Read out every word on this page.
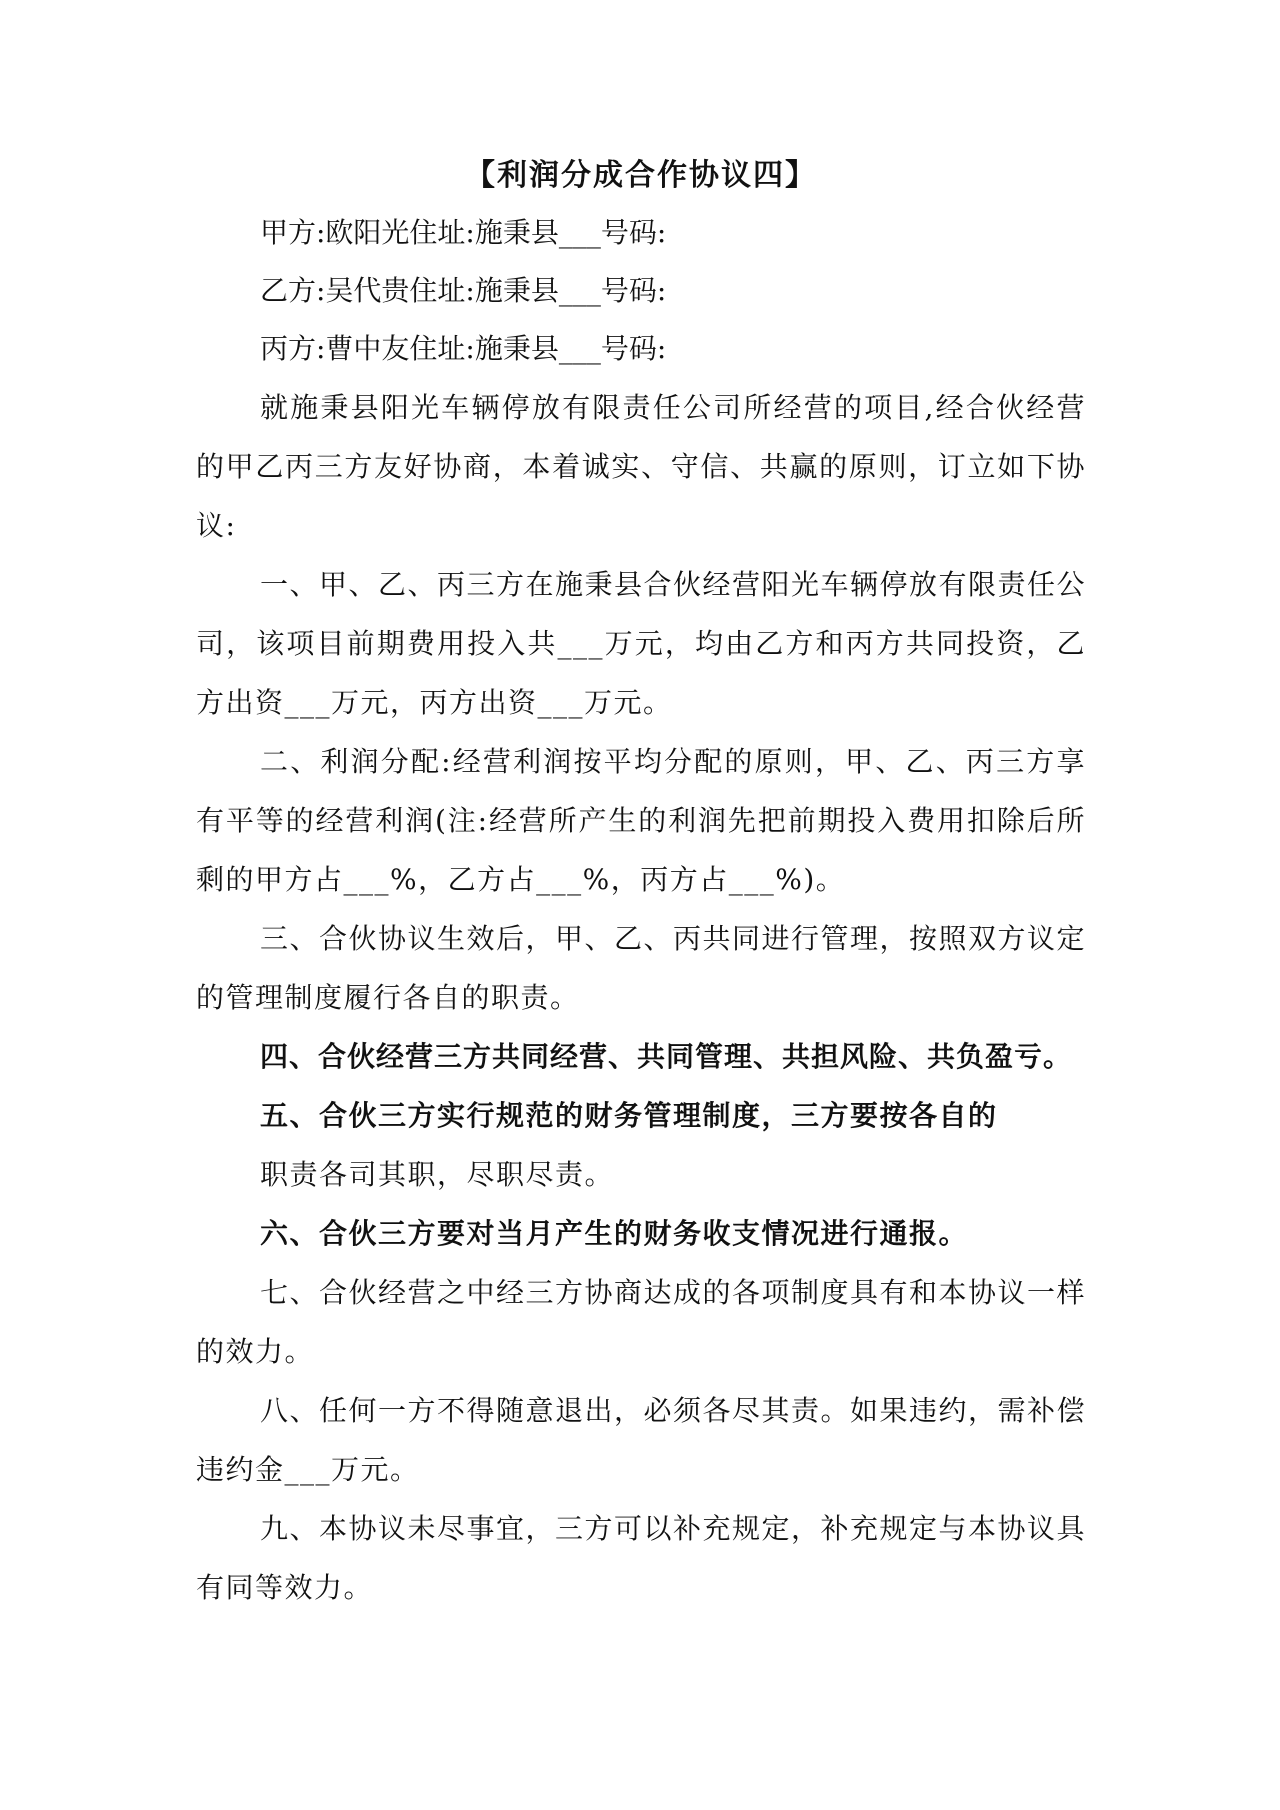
【利润分成合作协议四】

甲方:欧阳光住址:施秉县___号码:

乙方:吴代贵住址:施秉县___号码:

丙方:曹中友住址:施秉县___号码:

就施秉县阳光车辆停放有限责任公司所经营的项目,经合伙经营的甲乙丙三方友好协商，本着诚实、守信、共赢的原则，订立如下协议:

一、甲、乙、丙三方在施秉县合伙经营阳光车辆停放有限责任公司，该项目前期费用投入共___万元，均由乙方和丙方共同投资，乙方出资___万元，丙方出资___万元。

二、利润分配:经营利润按平均分配的原则，甲、乙、丙三方享有平等的经营利润(注:经营所产生的利润先把前期投入费用扣除后所剩的甲方占___%，乙方占___%，丙方占___%)。

三、合伙协议生效后，甲、乙、丙共同进行管理，按照双方议定的管理制度履行各自的职责。

四、合伙经营三方共同经营、共同管理、共担风险、共负盈亏。

五、合伙三方实行规范的财务管理制度，三方要按各自的

职责各司其职，尽职尽责。

六、合伙三方要对当月产生的财务收支情况进行通报。

七、合伙经营之中经三方协商达成的各项制度具有和本协议一样的效力。

八、任何一方不得随意退出，必须各尽其责。如果违约，需补偿违约金___万元。

九、本协议未尽事宜，三方可以补充规定，补充规定与本协议具有同等效力。
